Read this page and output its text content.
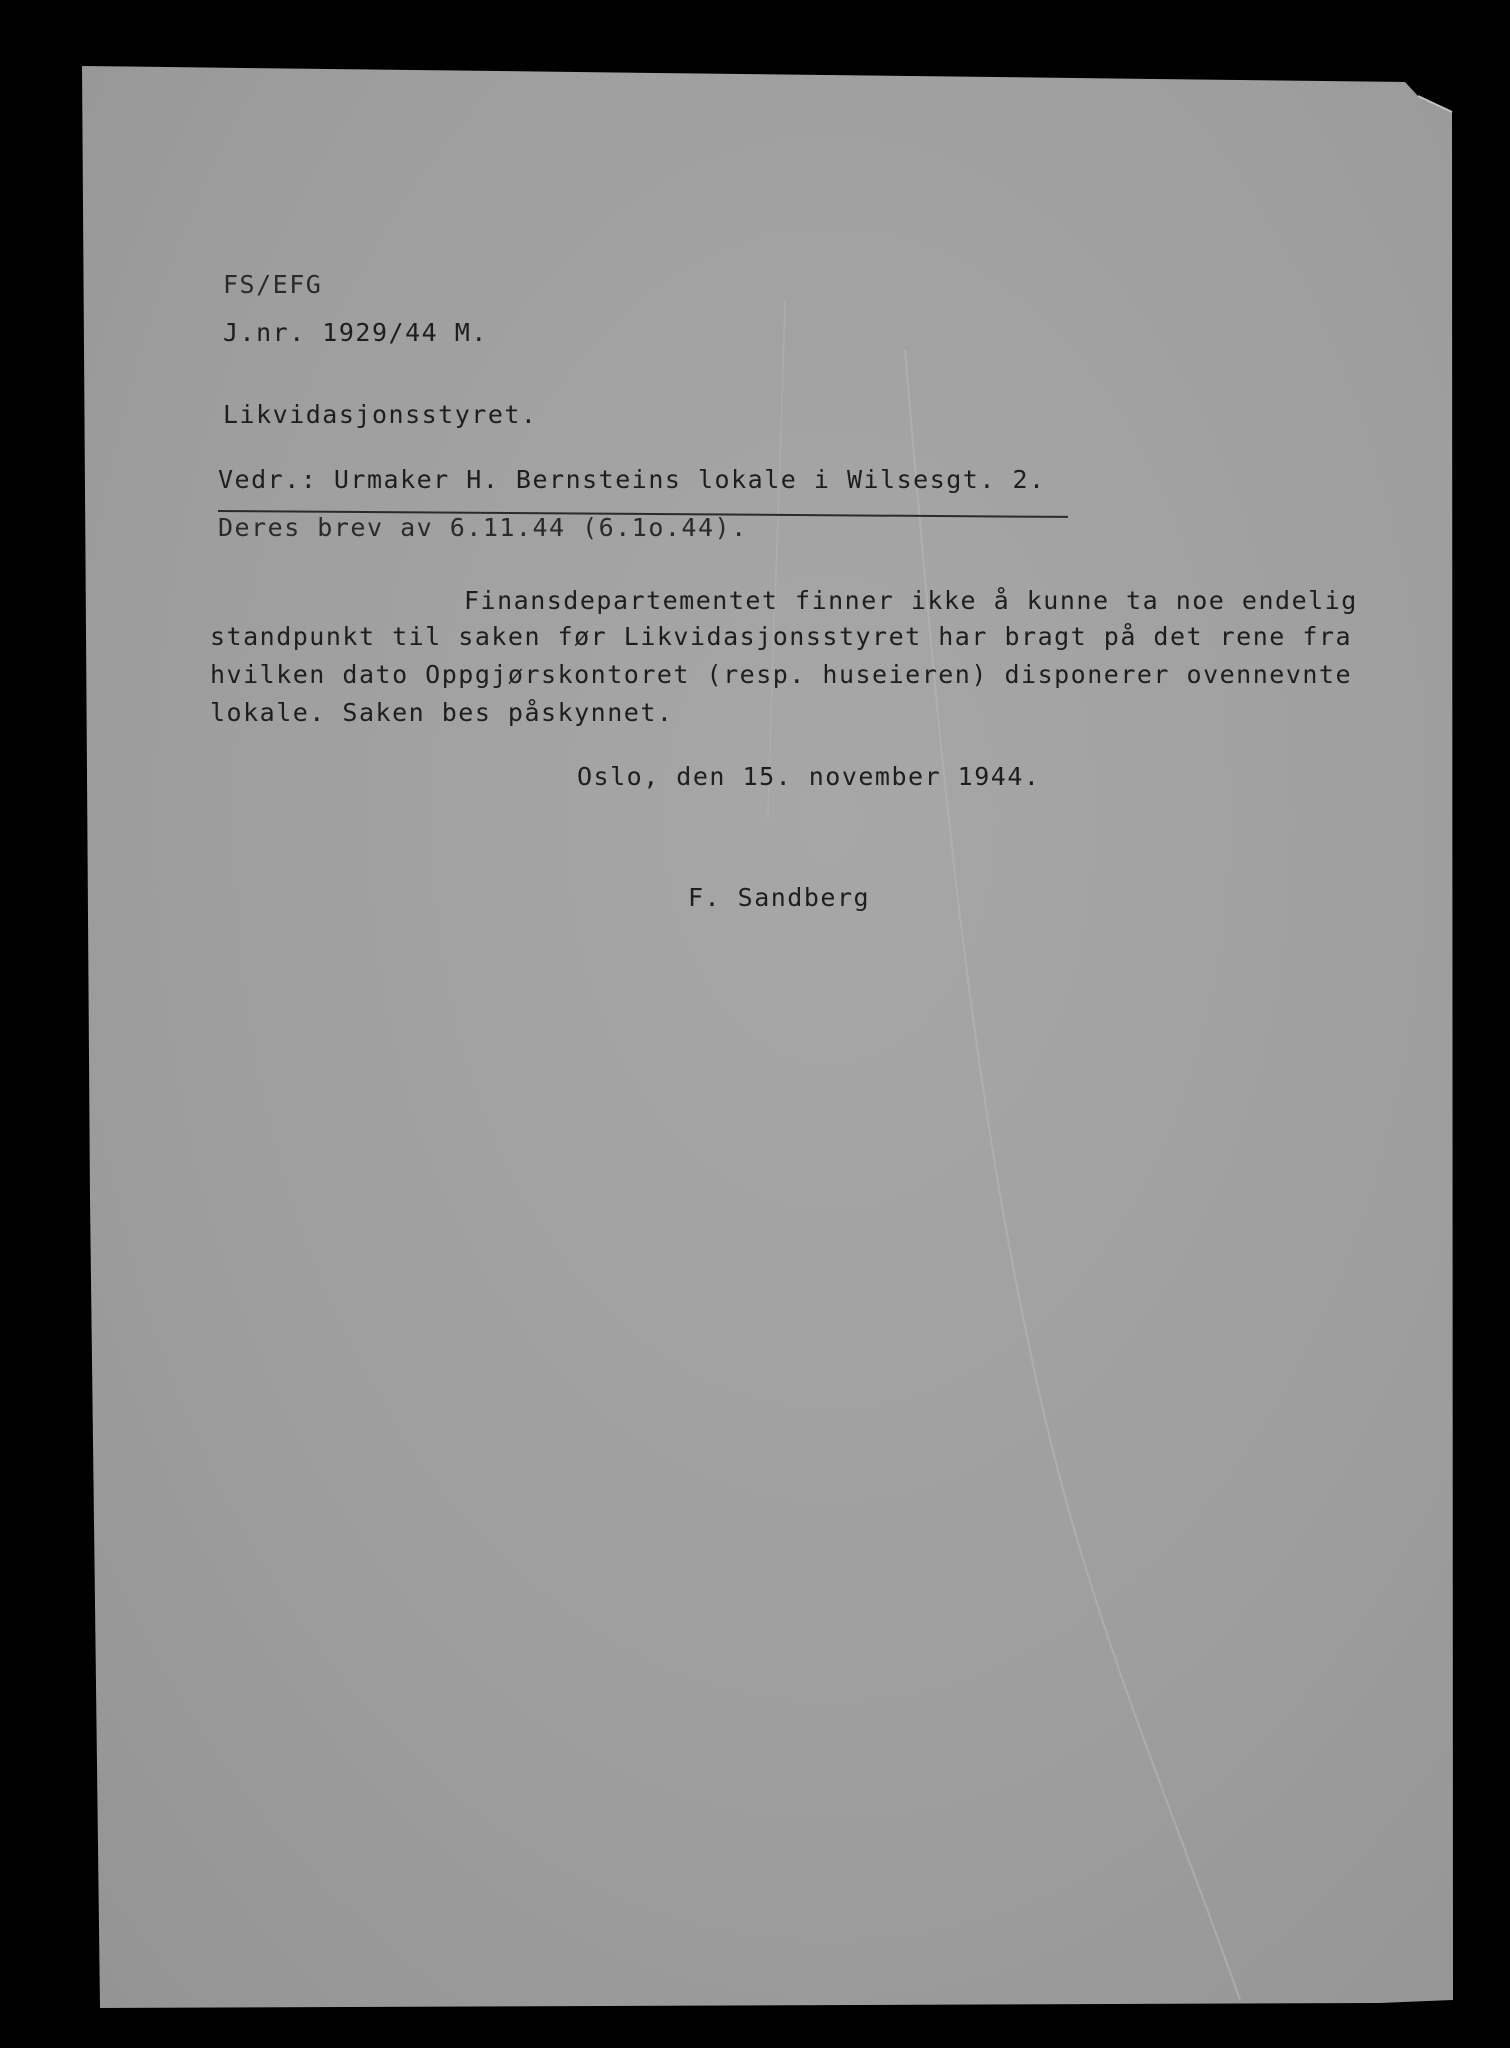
FS/EFG
J.nr. 1929/44 M.
Likvidasjonsstyret.
Vedr.: Urmaker H. Bernsteins lokale i Wilsesgt. 2.
Deres brev av 6.11.44 (6.1o.44).
Finansdepartementet finner ikke å kunne ta noe endelig
standpunkt til saken før Likvidasjonsstyret har bragt på det rene fra
hvilken dato Oppgjørskontoret (resp. huseieren) disponerer ovennevnte
lokale. Saken bes påskynnet.
Oslo, den 15. november 1944.
F. Sandberg
